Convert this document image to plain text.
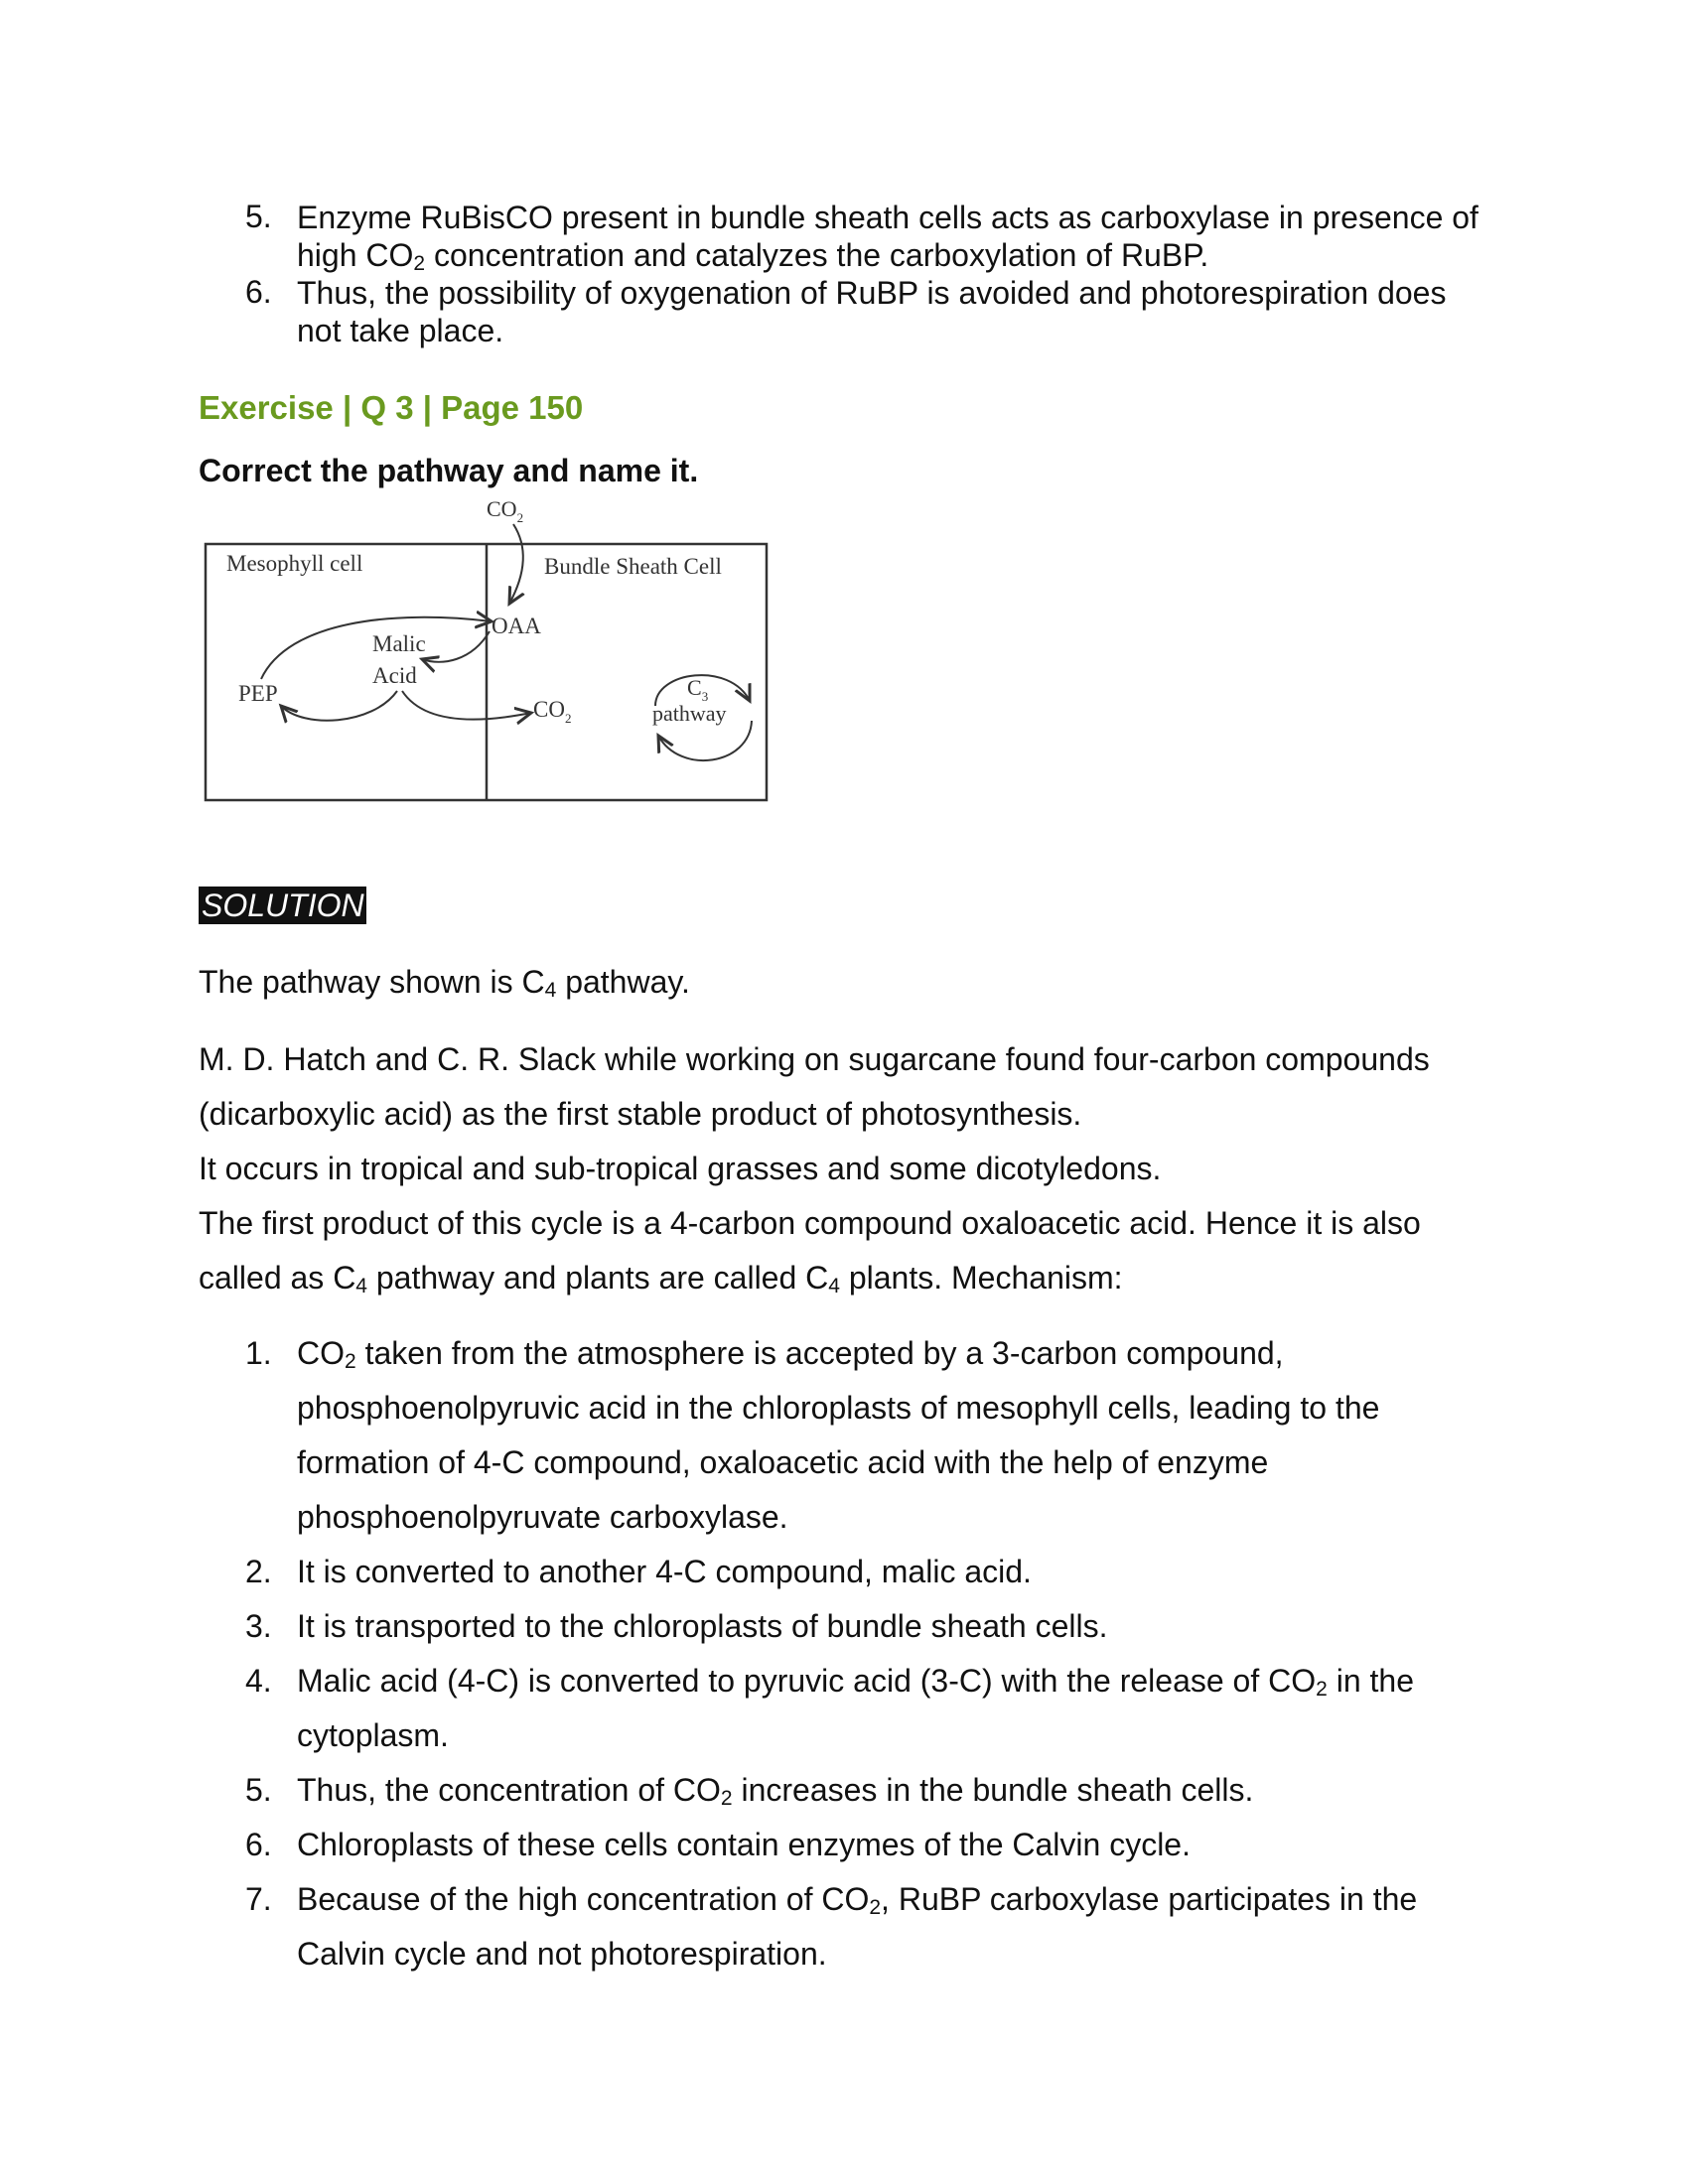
5. Enzyme RuBisCO present in bundle sheath cells acts as carboxylase in presence of high $CO_2$ concentration and catalyzes the carboxylation of RuBP.
6. Thus, the possibility of oxygenation of RuBP is avoided and photorespiration does not take place.
Exercise | Q 3 | Page 150
Correct the pathway and name it.
$CO_2$
Mesophyll cell	Bundle Sheath Cell
OAA
Malic
Acid
PEP
$CO_2$
$C_3$
pathway
SOLUTION

The pathway shown is $C_4$ pathway.

M. D. Hatch and C. R. Slack while working on sugarcane found four-carbon compounds
(dicarboxylic acid) as the first stable product of photosynthesis.
It occurs in tropical and sub-tropical grasses and some dicotyledons.
The first product of this cycle is a 4-carbon compound oxaloacetic acid. Hence it is also
called as $C_4$ pathway and plants are called $C_4$ plants. Mechanism:
1. $CO_2$ taken from the atmosphere is accepted by a 3-carbon compound, phosphoenolpyruvic acid in the chloroplasts of mesophyll cells, leading to the formation of 4-C compound, oxaloacetic acid with the help of enzyme phosphoenolpyruvate carboxylase.
2. It is converted to another 4-C compound, malic acid.
3. It is transported to the chloroplasts of bundle sheath cells.
4. Malic acid (4-C) is converted to pyruvic acid (3-C) with the release of $CO_2$ in the cytoplasm.
5. Thus, the concentration of $CO_2$ increases in the bundle sheath cells.
6. Chloroplasts of these cells contain enzymes of the Calvin cycle.
7. Because of the high concentration of $CO_2$, RuBP carboxylase participates in the Calvin cycle and not photorespiration.
